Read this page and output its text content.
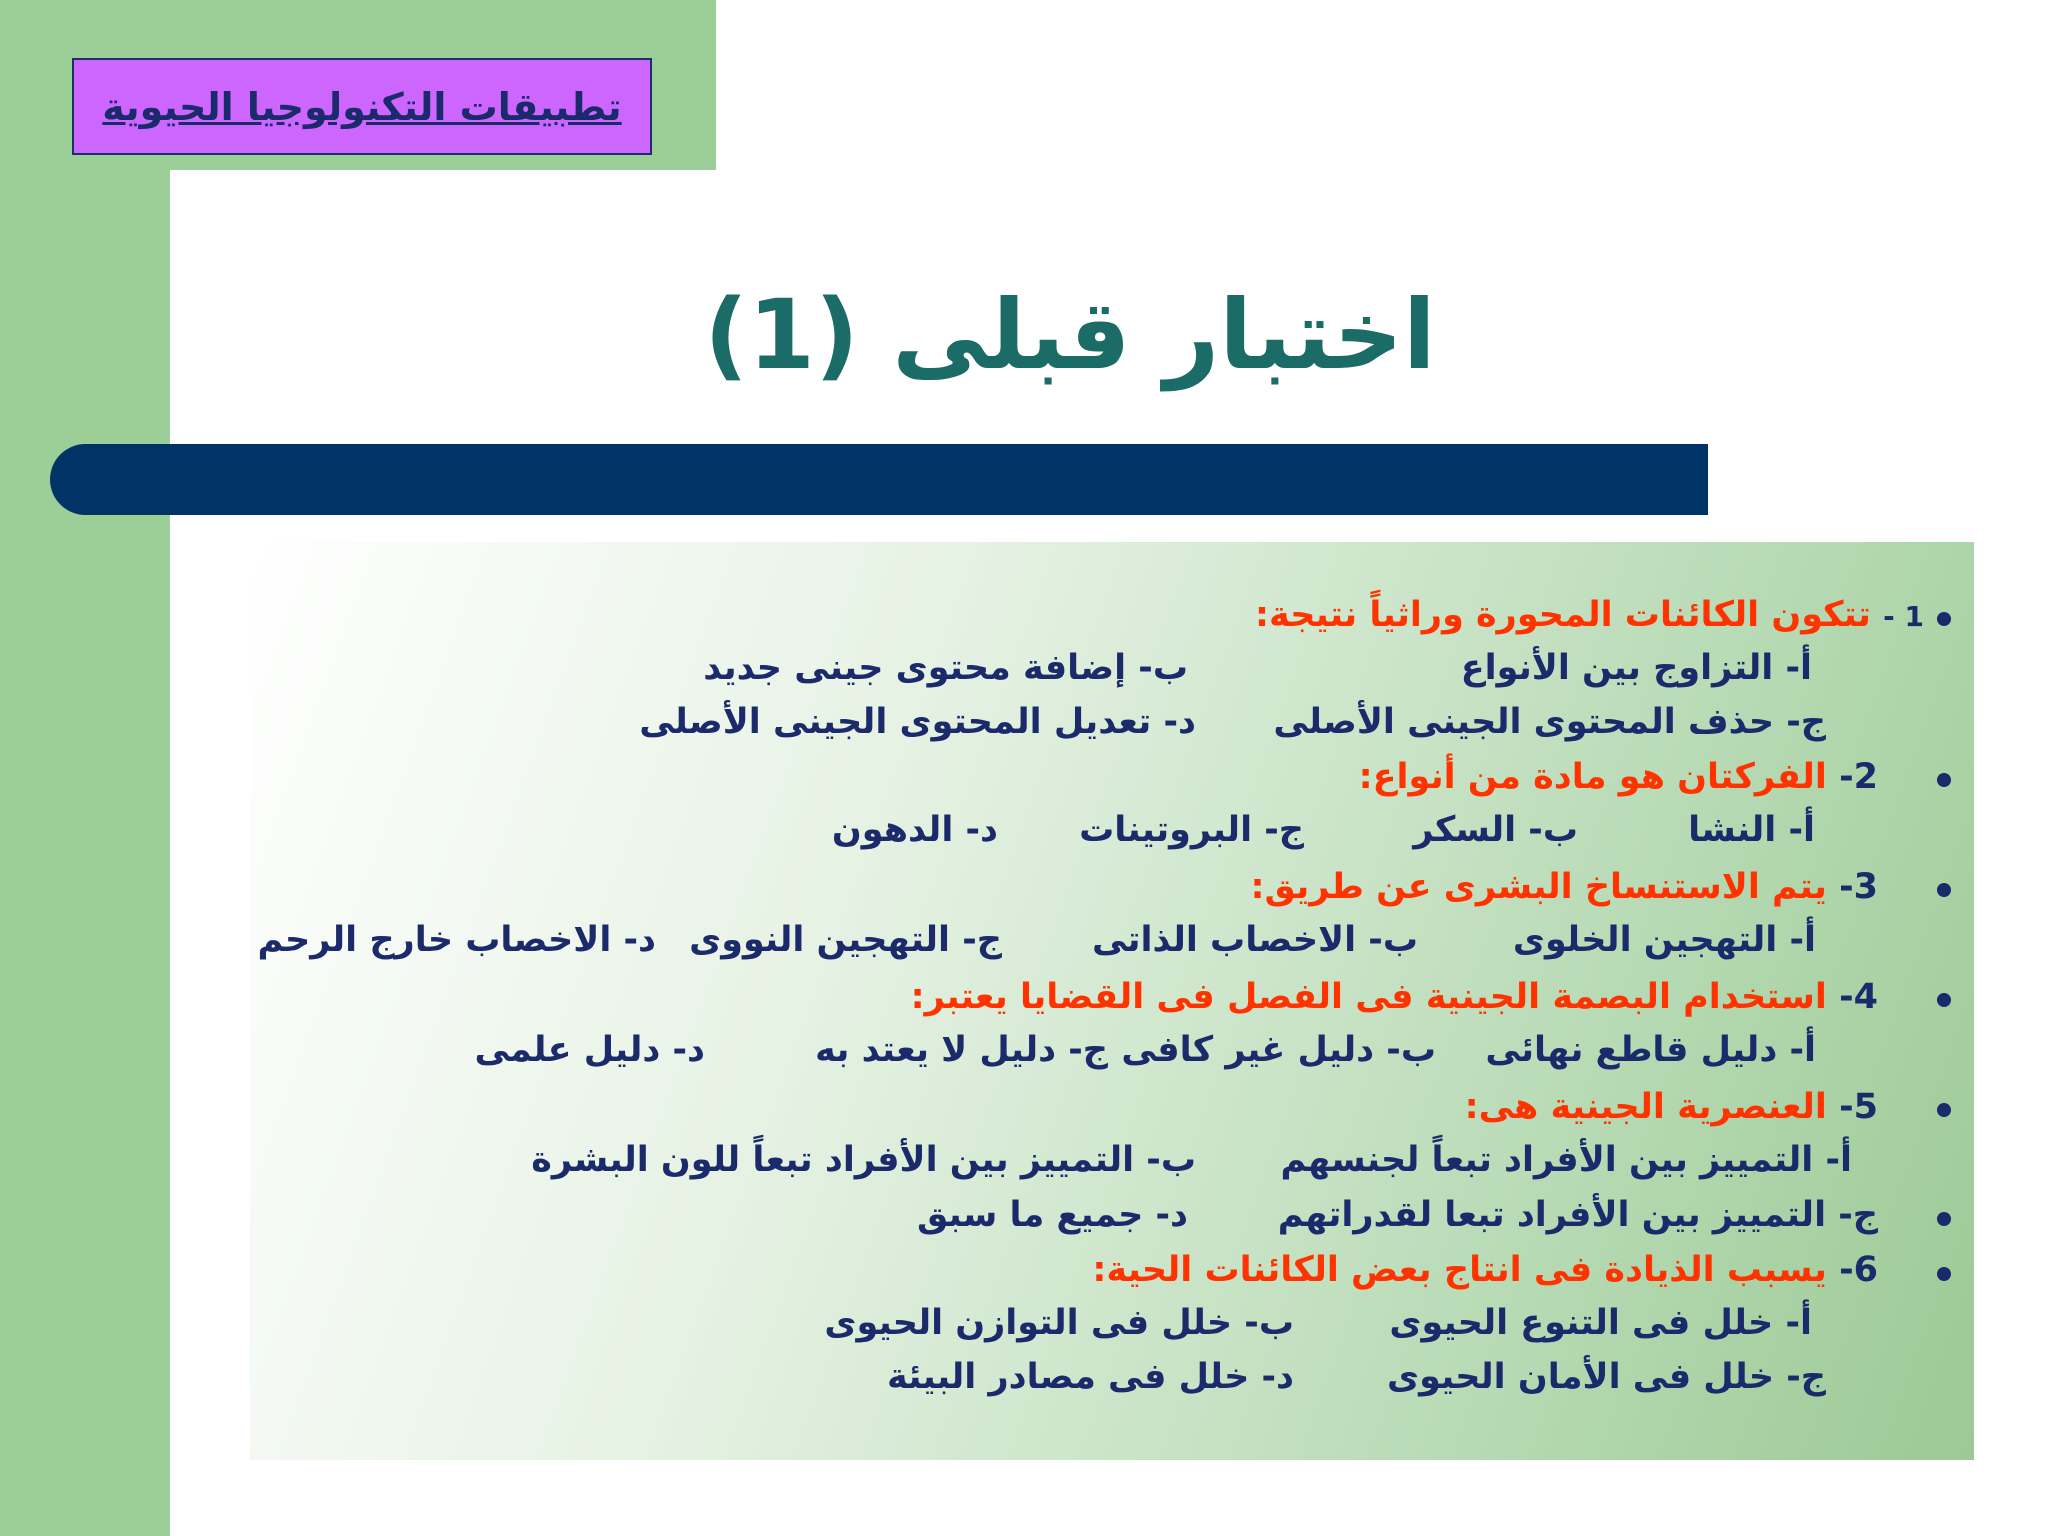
تطبيقات التكنولوجيا الحيوية
اختبار قبلى (1)
1 - تتكون الكائنات المحورة وراثياً نتيجة:
أ- التزاوج بين الأنواع
ب- إضافة محتوى جينى جديد
ج- حذف المحتوى الجينى الأصلى
د- تعديل المحتوى الجينى الأصلى
2- الفركتان هو مادة من أنواع:
أ- النشا
ب- السكر
ج- البروتينات
د- الدهون
3- يتم الاستنساخ البشرى عن طريق:
أ- التهجين الخلوى
ب- الاخصاب الذاتى
ج- التهجين النووى
د- الاخصاب خارج الرحم
4- استخدام البصمة الجينية فى الفصل فى القضايا يعتبر:
أ- دليل قاطع نهائى
ب- دليل غير كافى
ج- دليل لا يعتد به
د- دليل علمى
5- العنصرية الجينية هى:
أ- التمييز بين الأفراد تبعاً لجنسهم
ب- التمييز بين الأفراد تبعاً للون البشرة
ج- التمييز بين الأفراد تبعا لقدراتهم
د- جميع ما سبق
6- يسبب الذيادة فى انتاج بعض الكائنات الحية:
أ- خلل فى التنوع الحيوى
ب- خلل فى التوازن الحيوى
ج- خلل فى الأمان الحيوى
د- خلل فى مصادر البيئة
